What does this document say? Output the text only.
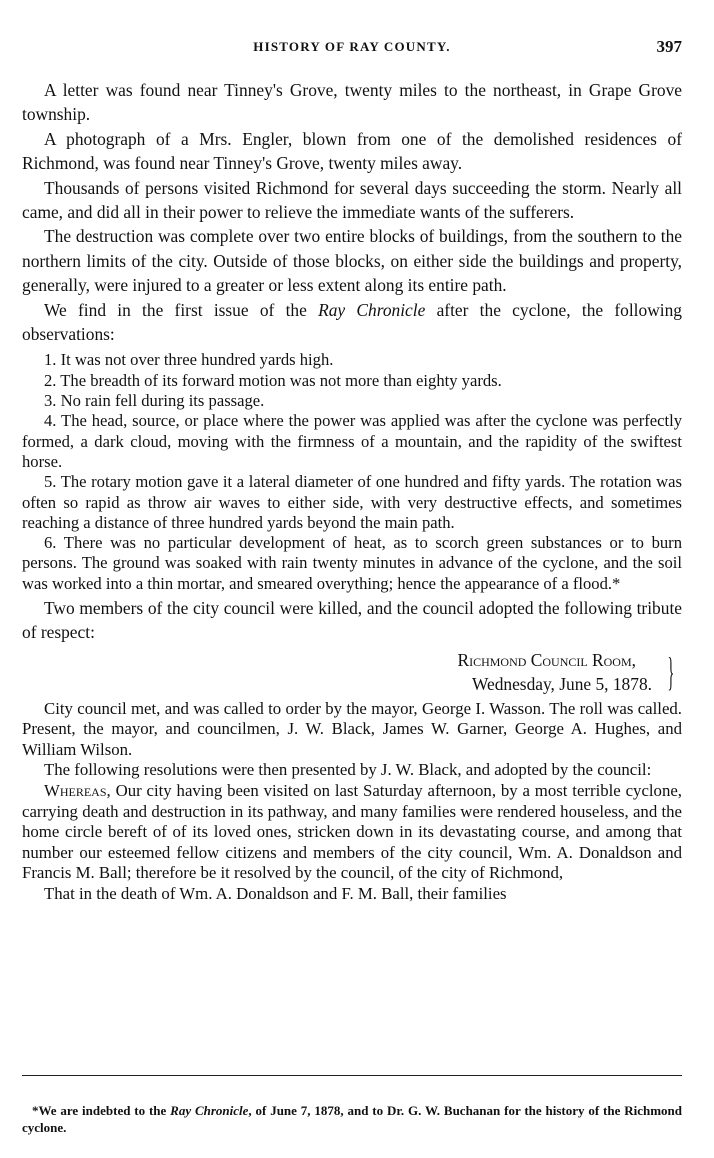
HISTORY OF RAY COUNTY.	397

A letter was found near Tinney's Grove, twenty miles to the northeast, in Grape Grove township.

A photograph of a Mrs. Engler, blown from one of the demolished residences of Richmond, was found near Tinney's Grove, twenty miles away.

Thousands of persons visited Richmond for several days succeeding the storm. Nearly all came, and did all in their power to relieve the immediate wants of the sufferers.

The destruction was complete over two entire blocks of buildings, from the southern to the northern limits of the city. Outside of those blocks, on either side the buildings and property, generally, were injured to a greater or less extent along its entire path.

We find in the first issue of the Ray Chronicle after the cyclone, the following observations:

1. It was not over three hundred yards high.

2. The breadth of its forward motion was not more than eighty yards.

3. No rain fell during its passage.

4. The head, source, or place where the power was applied was after the cyclone was perfectly formed, a dark cloud, moving with the firmness of a mountain, and the rapidity of the swiftest horse.

5. The rotary motion gave it a lateral diameter of one hundred and fifty yards. The rotation was often so rapid as throw air waves to either side, with very destructive effects, and sometimes reaching a distance of three hundred yards beyond the main path.

6. There was no particular development of heat, as to scorch green substances or to burn persons. The ground was soaked with rain twenty minutes in advance of the cyclone, and the soil was worked into a thin mortar, and smeared overything; hence the appearance of a flood.*

Two members of the city council were killed, and the council adopted the following tribute of respect:

Richmond Council Room,
Wednesday, June 5, 1878. }

City council met, and was called to order by the mayor, George I. Wasson. The roll was called. Present, the mayor, and councilmen, J. W. Black, James W. Garner, George A. Hughes, and William Wilson.

The following resolutions were then presented by J. W. Black, and adopted by the council:

Whereas, Our city having been visited on last Saturday afternoon, by a most terrible cyclone, carrying death and destruction in its pathway, and many families were rendered houseless, and the home circle bereft of of its loved ones, stricken down in its devastating course, and among that number our esteemed fellow citizens and members of the city council, Wm. A. Donaldson and Francis M. Ball; therefore be it resolved by the council, of the city of Richmond,

That in the death of Wm. A. Donaldson and F. M. Ball, their families

*We are indebted to the Ray Chronicle, of June 7, 1878, and to Dr. G. W. Buchanan for the history of the Richmond cyclone.
